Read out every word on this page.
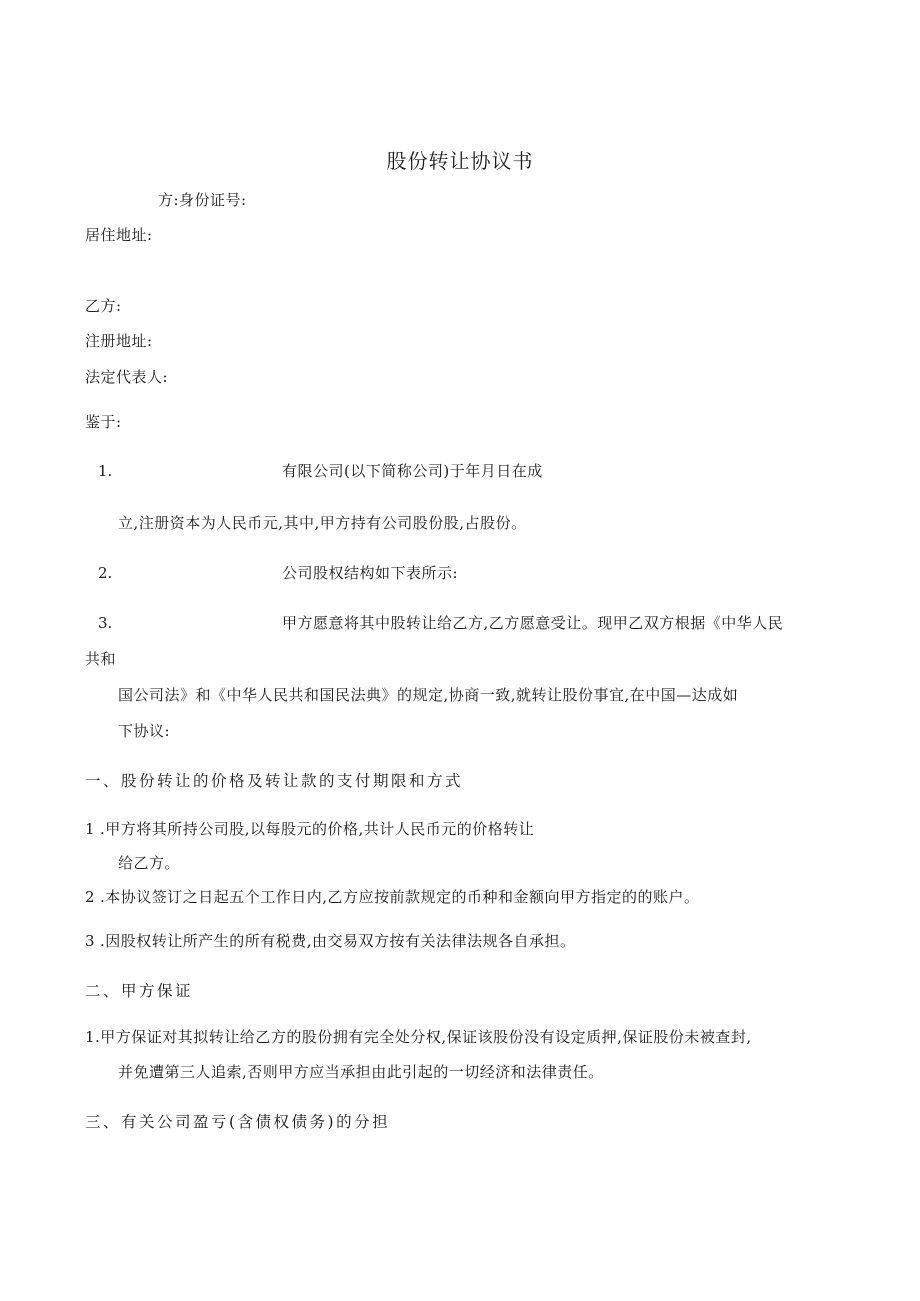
股份转让协议书
方:身份证号:
居住地址:
乙方:
注册地址:
法定代表人:
鉴于:
1.	有限公司(以下简称公司)于年月日在成
立,注册资本为人民币元,其中,甲方持有公司股份股,占股份。
2.	公司股权结构如下表所示:
3.	甲方愿意将其中股转让给乙方,乙方愿意受让。现甲乙双方根据《中华人民
共和
国公司法》和《中华人民共和国民法典》的规定,协商一致,就转让股份事宜,在中国—达成如
下协议:
一、股份转让的价格及转让款的支付期限和方式
1 .甲方将其所持公司股,以每股元的价格,共计人民币元的价格转让
给乙方。
2 .本协议签订之日起五个工作日内,乙方应按前款规定的币种和金额向甲方指定的的账户。
3 .因股权转让所产生的所有税费,由交易双方按有关法律法规各自承担。
二、甲方保证
1.甲方保证对其拟转让给乙方的股份拥有完全处分权,保证该股份没有设定质押,保证股份未被查封,
并免遭第三人追索,否则甲方应当承担由此引起的一切经济和法律责任。
三、有关公司盈亏(含债权债务)的分担
